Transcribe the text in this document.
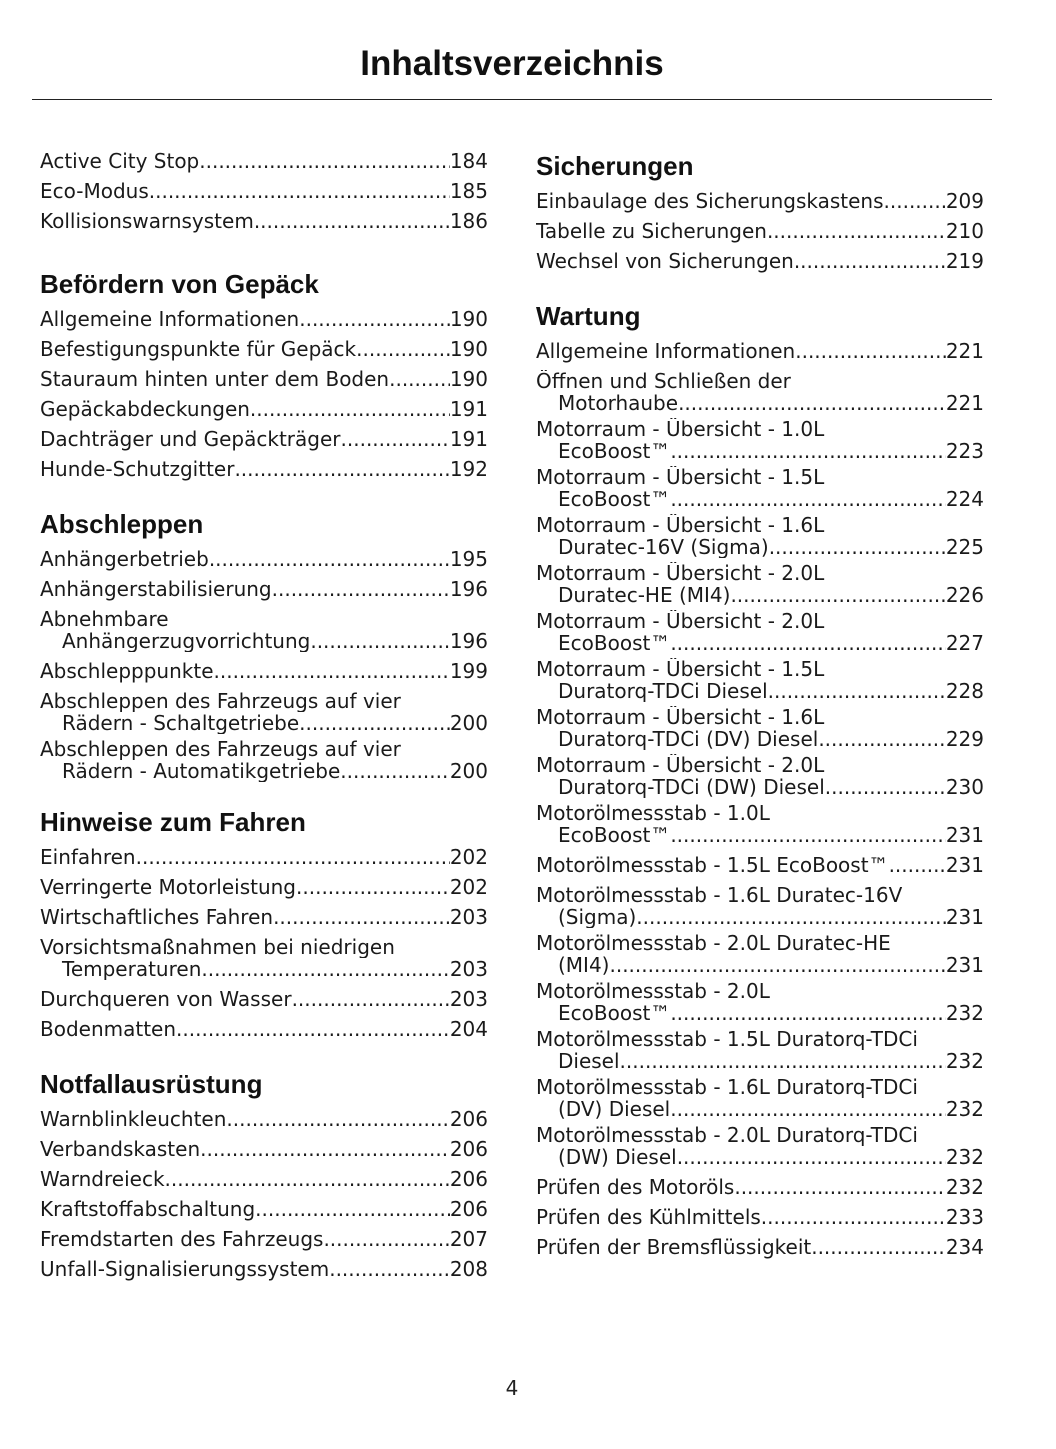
Inhaltsverzeichnis
Active City Stop .....	184
Eco-Modus .....	185
Kollisionswarnsystem .....	186
Befördern von Gepäck
Allgemeine Informationen .....	190
Befestigungspunkte für Gepäck .....	190
Stauraum hinten unter dem Boden .....	190
Gepäckabdeckungen .....	191
Dachträger und Gepäckträger .....	191
Hunde-Schutzgitter .....	192
Abschleppen
Anhängerbetrieb .....	195
Anhängerstabilisierung .....	196
Abnehmbare
Anhängerzugvorrichtung .....	196
Abschlepppunkte .....	199
Abschleppen des Fahrzeugs auf vier
Rädern - Schaltgetriebe .....	200
Abschleppen des Fahrzeugs auf vier
Rädern - Automatikgetriebe .....	200
Hinweise zum Fahren
Einfahren .....	202
Verringerte Motorleistung .....	202
Wirtschaftliches Fahren .....	203
Vorsichtsmaßnahmen bei niedrigen
Temperaturen .....	203
Durchqueren von Wasser .....	203
Bodenmatten .....	204
Notfallausrüstung
Warnblinkleuchten .....	206
Verbandskasten .....	206
Warndreieck .....	206
Kraftstoffabschaltung .....	206
Fremdstarten des Fahrzeugs .....	207
Unfall-Signalisierungssystem .....	208
Sicherungen
Einbaulage des Sicherungskastens .....	209
Tabelle zu Sicherungen .....	210
Wechsel von Sicherungen .....	219
Wartung
Allgemeine Informationen .....	221
Öffnen und Schließen der
Motorhaube .....	221
Motorraum - Übersicht - 1.0L
EcoBoost™ .....	223
Motorraum - Übersicht - 1.5L
EcoBoost™ .....	224
Motorraum - Übersicht - 1.6L
Duratec-16V (Sigma) .....	225
Motorraum - Übersicht - 2.0L
Duratec-HE (MI4) .....	226
Motorraum - Übersicht - 2.0L
EcoBoost™ .....	227
Motorraum - Übersicht - 1.5L
Duratorq-TDCi Diesel .....	228
Motorraum - Übersicht - 1.6L
Duratorq-TDCi (DV) Diesel .....	229
Motorraum - Übersicht - 2.0L
Duratorq-TDCi (DW) Diesel .....	230
Motorölmessstab - 1.0L
EcoBoost™ .....	231
Motorölmessstab - 1.5L EcoBoost™ .....	231
Motorölmessstab - 1.6L Duratec-16V
(Sigma) .....	231
Motorölmessstab - 2.0L Duratec-HE
(MI4) .....	231
Motorölmessstab - 2.0L
EcoBoost™ .....	232
Motorölmessstab - 1.5L Duratorq-TDCi
Diesel .....	232
Motorölmessstab - 1.6L Duratorq-TDCi
(DV) Diesel .....	232
Motorölmessstab - 2.0L Duratorq-TDCi
(DW) Diesel .....	232
Prüfen des Motoröls .....	232
Prüfen des Kühlmittels .....	233
Prüfen der Bremsflüssigkeit .....	234
4
